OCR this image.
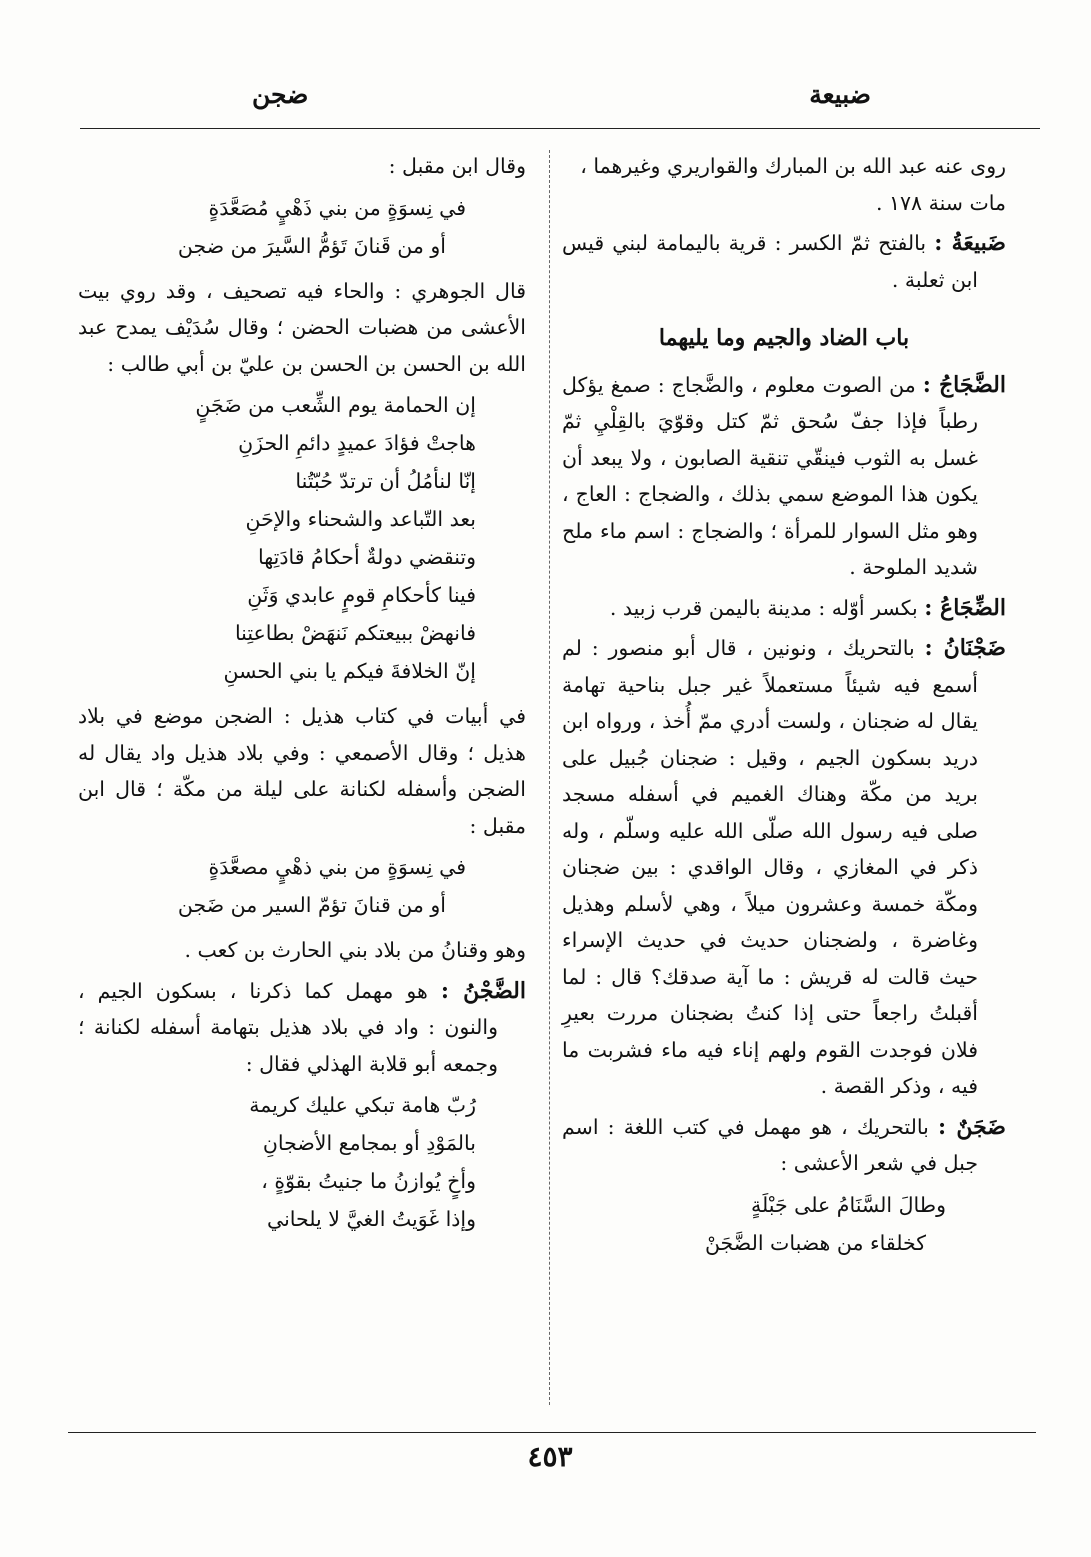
ضبيعة
ضجن

روى عنه عبد الله بن المبارك والقواريري وغيرهما ،
مات سنة ١٧٨ .

ضَبيعَةُ : بالفتح ثمّ الكسر : قرية باليمامة لبني قيس ابن ثعلبة .

باب الضاد والجيم وما يليهما

الضَّجَاجُ : من الصوت معلوم ، والضَّجاج : صمغ يؤكل رطباً فإذا جفّ سُحق ثمّ كتل وقوّيَ بالقِلْيِ ثمّ غسل به الثوب فينقّي تنقية الصابون ، ولا يبعد أن يكون هذا الموضع سمي بذلك ، والضجاج : العاج ، وهو مثل السوار للمرأة ؛ والضجاج : اسم ماء ملح شديد الملوحة .

الضِّجَاعُ : بكسر أوّله : مدينة باليمن قرب زبيد .

ضَجْنَانُ : بالتحريك ، ونونين ، قال أبو منصور : لم أسمع فيه شيئاً مستعملاً غير جبل بناحية تهامة يقال له ضجنان ، ولست أدري ممّ أُخذ ، ورواه ابن دريد بسكون الجيم ، وقيل : ضجنان جُبيل على بريد من مكّة وهناك الغميم في أسفله مسجد صلى فيه رسول الله صلّى الله عليه وسلّم ، وله ذكر في المغازي ، وقال الواقدي : بين ضجنان ومكّة خمسة وعشرون ميلاً ، وهي لأسلم وهذيل وغاضرة ، ولضجنان حديث في حديث الإسراء حيث قالت له قريش : ما آية صدقك؟ قال : لما أقبلتُ راجعاً حتى إذا كنتُ بضجنان مررت بعيرِ فلان فوجدت القوم ولهم إناء فيه ماء فشربت ما فيه ، وذكر القصة .

ضَجَنٌ : بالتحريك ، هو مهمل في كتب اللغة : اسم جبل في شعر الأعشى :

وطالَ السَّنَامُ على جَبْلَةٍ
كخلقاء من هضبات الضَّجَنْ

وقال ابن مقبل :

في نِسوَةٍ من بني ذَهْيٍ مُصَعَّدَةٍ
أو من قَنانَ تَؤمُّ السَّيرَ من ضجن

قال الجوهري : والحاء فيه تصحيف ، وقد روي بيت الأعشى من هضبات الحضن ؛ وقال سُدَيْف يمدح عبد الله بن الحسن بن الحسن بن عليّ بن أبي طالب :

إن الحمامة يوم الشِّعب من ضَجَنٍ
هاجتْ فؤادَ عميدٍ دائمِ الحزَنِ
إنّا لنأمُلُ أن ترتدّ حُبّتُنا
بعد التّباعد والشحناء والإحَنِ
وتنقضي دولةٌ أحكامُ قادَتِها
فينا كأحكامِ قومٍ عابدي وَثَنِ
فانهضْ ببيعتكم نَنهَضْ بطاعتِنا
إنّ الخلافةَ فيكم يا بني الحسنِ

في أبيات في كتاب هذيل : الضجن موضع في بلاد هذيل ؛ وقال الأصمعي : وفي بلاد هذيل واد يقال له الضجن وأسفله لكنانة على ليلة من مكّة ؛ قال ابن مقبل :

في نِسوَةٍ من بني ذهْيٍ مصعَّدَةٍ
أو من قنانَ تؤمّ السير من ضَجن

وهو وقنانُ من بلاد بني الحارث بن كعب .

الضَّجْنُ : هو مهمل كما ذكرنا ، بسكون الجيم ، والنون : واد في بلاد هذيل بتهامة أسفله لكنانة ؛ وجمعه أبو قلابة الهذلي فقال :

رُبّ هامة تبكي عليك كريمة
بالمَوْدِ أو بمجامع الأضجانِ
وأخٍ يُوازنُ ما جنيتُ بقوّةٍ ،
وإذا غَوَيتُ الغيَّ لا يلحاني
٤٥٣
